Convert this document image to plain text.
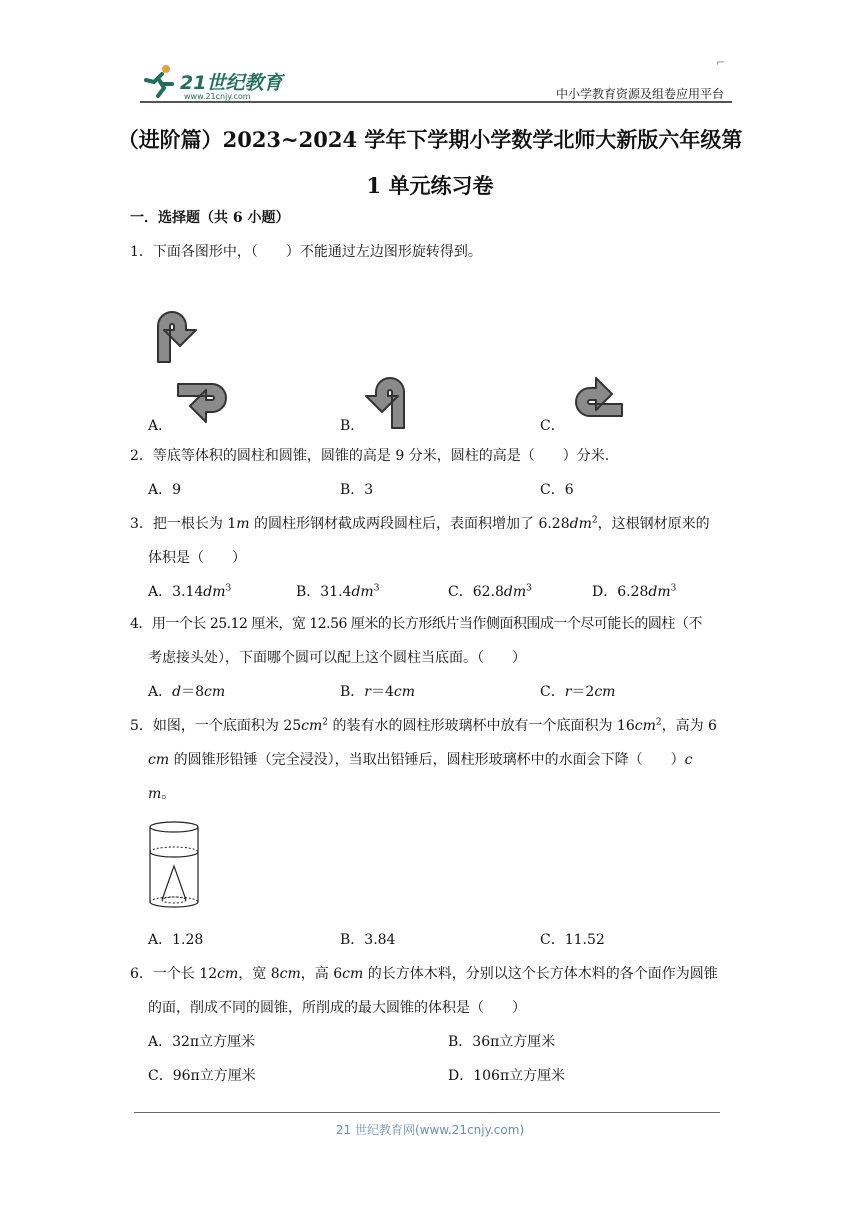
21世纪教育
www.21cnjy.com
⌐
中小学教育资源及组卷应用平台
（进阶篇）2023~2024 学年下学期小学数学北师大新版六年级第
1 单元练习卷
一．选择题（共 6 小题）
1．下面各图形中，（　　）不能通过左边图形旋转得到。
A．	B．	C．
2．等底等体积的圆柱和圆锥，圆锥的高是 9 分米，圆柱的高是（　　）分米.
A．9	B．3	C．6
3．把一根长为 1m 的圆柱形钢材截成两段圆柱后，表面积增加了 $6.28dm^2$，这根钢材原来的
体积是（　　）
A．$3.14dm^3$	B．$31.4dm^3$	C．$62.8dm^3$	D．$6.28dm^3$
4．用一个长 25.12 厘米，宽 12.56 厘米的长方形纸片当作侧面积围成一个尽可能长的圆柱（不
考虑接头处），下面哪个圆可以配上这个圆柱当底面。（　　）
A．d＝8cm	B．r＝4cm	C．r＝2cm
5．如图，一个底面积为 $25cm^2$ 的装有水的圆柱形玻璃杯中放有一个底面积为 $16cm^2$，高为 6
cm 的圆锥形铅锤（完全浸没），当取出铅锤后，圆柱形玻璃杯中的水面会下降（　　）c
m。
A．1.28	B．3.84	C．11.52
6．一个长 12cm，宽 8cm，高 6cm 的长方体木料，分别以这个长方体木料的各个面作为圆锥
的面，削成不同的圆锥，所削成的最大圆锥的体积是（　　）
A．32π立方厘米	B．36π立方厘米
C．96π立方厘米	D．106π立方厘米
21 世纪教育网(www.21cnjy.com)
